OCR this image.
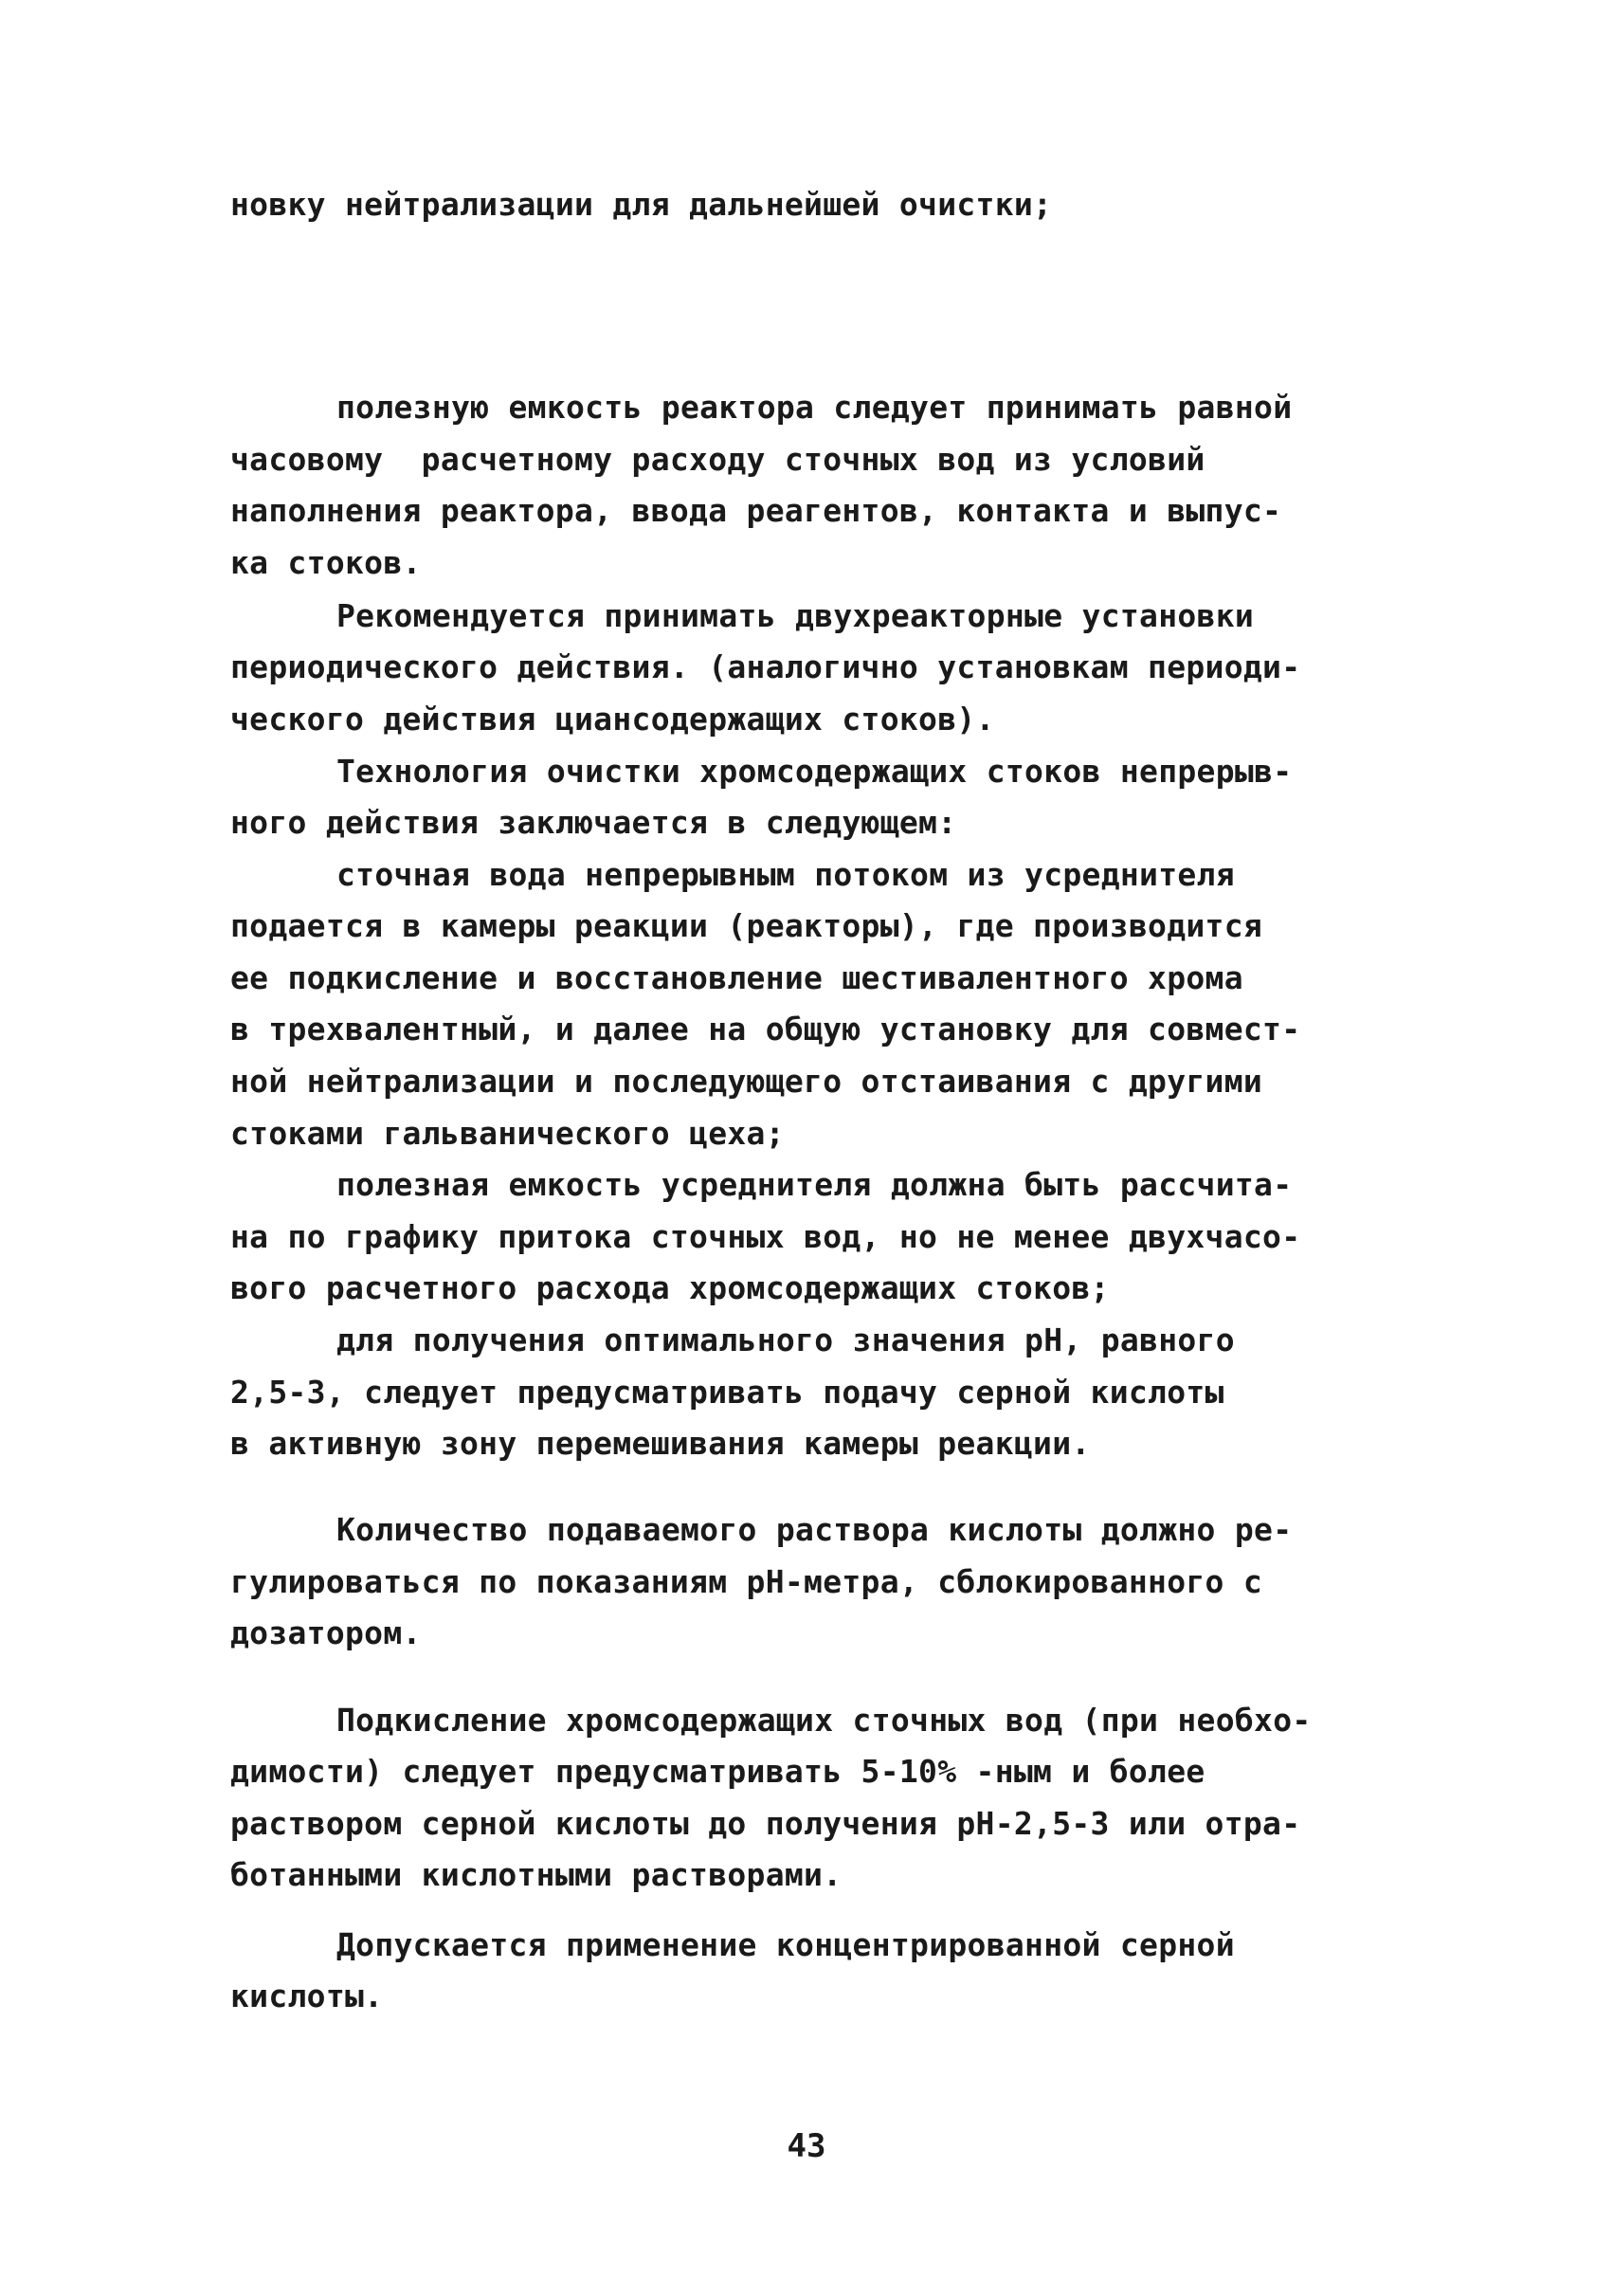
новку нейтрализации для дальнейшей очистки;

полезную емкость реактора следует принимать равной

часовому  расчетному расходу сточных вод из условий

наполнения реактора, ввода реагентов, контакта и выпус-

ка стоков.

Рекомендуется принимать двухреакторные установки

периодического действия. (аналогично установкам периоди-

ческого действия циансодержащих стоков).

Технология очистки хромсодержащих стоков непрерыв-

ного действия заключается в следующем:

сточная вода непрерывным потоком из усреднителя

подается в камеры реакции (реакторы), где производится

ее подкисление и восстановление шестивалентного хрома

в трехвалентный, и далее на общую установку для совмест-

ной нейтрализации и последующего отстаивания с другими

стоками гальванического цеха;

полезная емкость усреднителя должна быть рассчита-

на по графику притока сточных вод, но не менее двухчасо-

вого расчетного расхода хромсодержащих стоков;

для получения оптимального значения рН, равного

2,5-3, следует предусматривать подачу серной кислоты

в активную зону перемешивания камеры реакции.

Количество подаваемого раствора кислоты должно ре-

гулироваться по показаниям рН-метра, сблокированного с

дозатором.

Подкисление хромсодержащих сточных вод (при необхо-

димости) следует предусматривать 5-10% -ным и более

раствором серной кислоты до получения рН-2,5-3 или отра-

ботанными кислотными растворами.

Допускается применение концентрированной серной

кислоты.

43
